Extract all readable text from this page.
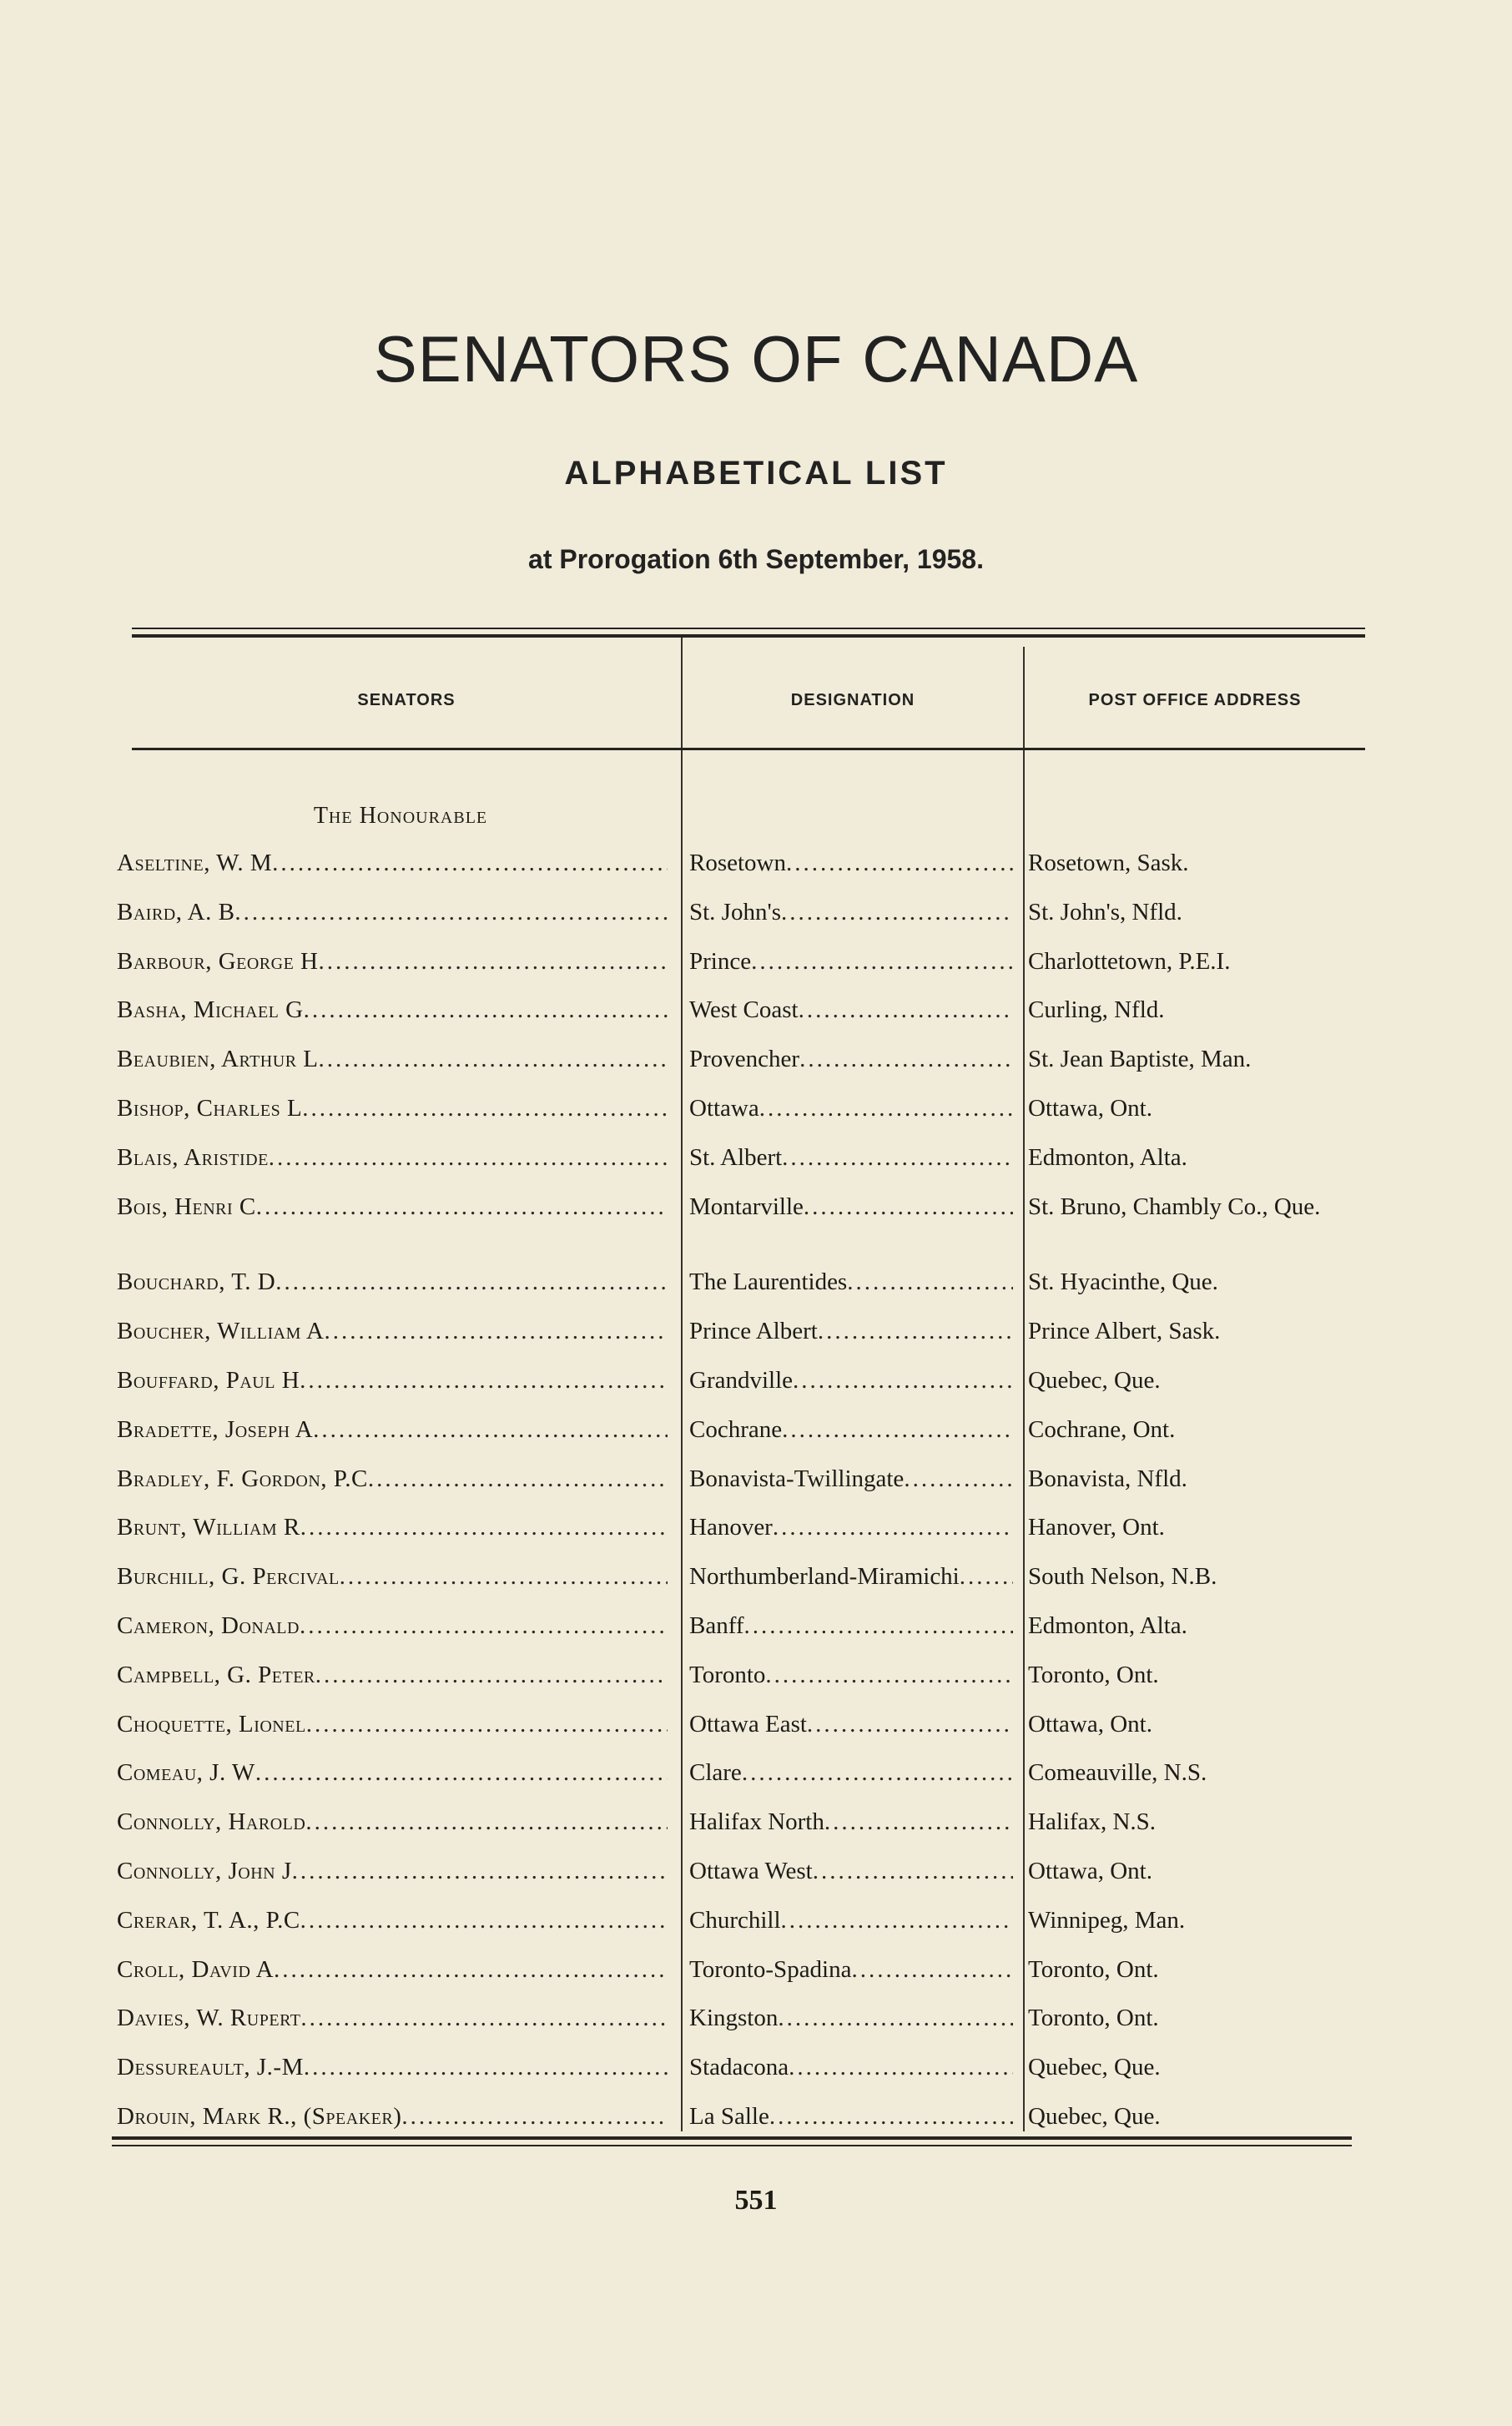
SENATORS OF CANADA
ALPHABETICAL LIST
at Prorogation 6th September, 1958.
SENATORS	DESIGNATION	POST OFFICE ADDRESS
The Honourable
Aseltine, W. M .....	Rosetown .....	Rosetown, Sask.
Baird, A. B .....	St. John's .....	St. John's, Nfld.
Barbour, George H .....	Prince .....	Charlottetown, P.E.I.
Basha, Michael G .....	West Coast .....	Curling, Nfld.
Beaubien, Arthur L .....	Provencher .....	St. Jean Baptiste, Man.
Bishop, Charles L .....	Ottawa .....	Ottawa, Ont.
Blais, Aristide .....	St. Albert .....	Edmonton, Alta.
Bois, Henri C .....	Montarville .....	St. Bruno, Chambly Co., Que.
Bouchard, T. D .....	The Laurentides .....	St. Hyacinthe, Que.
Boucher, William A .....	Prince Albert .....	Prince Albert, Sask.
Bouffard, Paul H .....	Grandville .....	Quebec, Que.
Bradette, Joseph A .....	Cochrane .....	Cochrane, Ont.
Bradley, F. Gordon, P.C .....	Bonavista-Twillingate .....	Bonavista, Nfld.
Brunt, William R .....	Hanover .....	Hanover, Ont.
Burchill, G. Percival .....	Northumberland-Miramichi .....	South Nelson, N.B.
Cameron, Donald .....	Banff .....	Edmonton, Alta.
Campbell, G. Peter .....	Toronto .....	Toronto, Ont.
Choquette, Lionel .....	Ottawa East .....	Ottawa, Ont.
Comeau, J. W .....	Clare .....	Comeauville, N.S.
Connolly, Harold .....	Halifax North .....	Halifax, N.S.
Connolly, John J .....	Ottawa West .....	Ottawa, Ont.
Crerar, T. A., P.C .....	Churchill .....	Winnipeg, Man.
Croll, David A .....	Toronto-Spadina .....	Toronto, Ont.
Davies, W. Rupert .....	Kingston .....	Toronto, Ont.
Dessureault, J.-M .....	Stadacona .....	Quebec, Que.
Drouin, Mark R., (Speaker) .....	La Salle .....	Quebec, Que.
551
